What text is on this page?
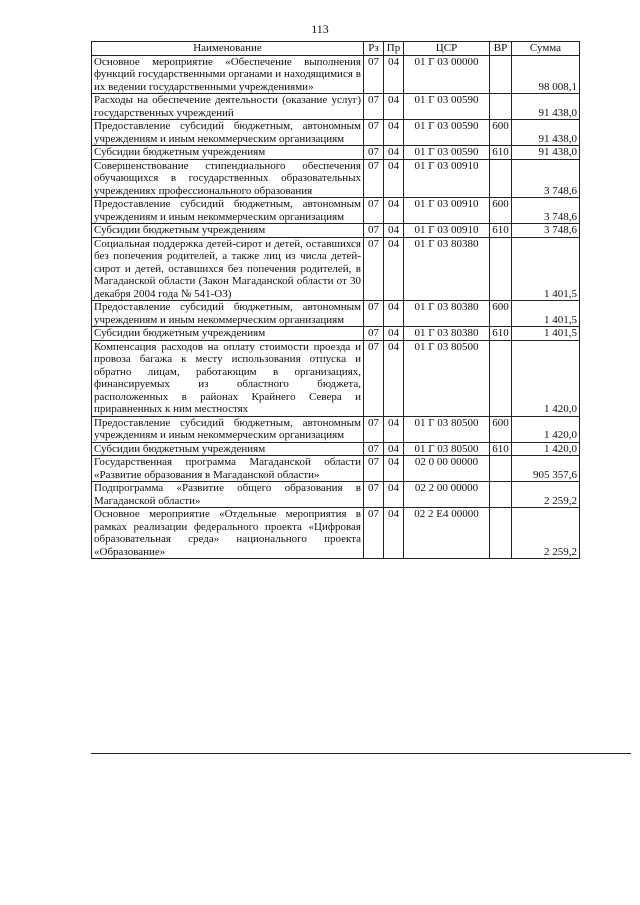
113
Наименование	Рз	Пр	ЦСР	ВР	Сумма
Основное мероприятие «Обеспечение выполнения функций государственными органами и находящимися в их ведении государственными учреждениями»	07	04	01 Г 03 00000		98 008,1
Расходы на обеспечение деятельности (оказание услуг) государственных учреждений	07	04	01 Г 03 00590		91 438,0
Предоставление субсидий бюджетным, автономным учреждениям и иным некоммерческим организациям	07	04	01 Г 03 00590	600	91 438,0
Субсидии бюджетным учреждениям	07	04	01 Г 03 00590	610	91 438,0
Совершенствование стипендиального обеспечения обучающихся в государственных образовательных учреждениях профессионального образования	07	04	01 Г 03 00910		3 748,6
Предоставление субсидий бюджетным, автономным учреждениям и иным некоммерческим организациям	07	04	01 Г 03 00910	600	3 748,6
Субсидии бюджетным учреждениям	07	04	01 Г 03 00910	610	3 748,6
Социальная поддержка детей-сирот и детей, оставшихся без попечения родителей, а также лиц из числа детей-сирот и детей, оставшихся без попечения родителей, в Магаданской области (Закон Магаданской области от 30 декабря 2004 года № 541-ОЗ)	07	04	01 Г 03 80380		1 401,5
Предоставление субсидий бюджетным, автономным учреждениям и иным некоммерческим организациям	07	04	01 Г 03 80380	600	1 401,5
Субсидии бюджетным учреждениям	07	04	01 Г 03 80380	610	1 401,5
Компенсация расходов на оплату стоимости проезда и провоза багажа к месту использования отпуска и обратно лицам, работающим в организациях, финансируемых из областного бюджета, расположенных в районах Крайнего Севера и приравненных к ним местностях	07	04	01 Г 03 80500		1 420,0
Предоставление субсидий бюджетным, автономным учреждениям и иным некоммерческим организациям	07	04	01 Г 03 80500	600	1 420,0
Субсидии бюджетным учреждениям	07	04	01 Г 03 80500	610	1 420,0
Государственная программа Магаданской области «Развитие образования в Магаданской области»	07	04	02 0 00 00000		905 357,6
Подпрограмма «Развитие общего образования в Магаданской области»	07	04	02 2 00 00000		2 259,2
Основное мероприятие «Отдельные мероприятия в рамках реализации федерального проекта «Цифровая образовательная среда» национального проекта «Образование»	07	04	02 2 E4 00000		2 259,2
